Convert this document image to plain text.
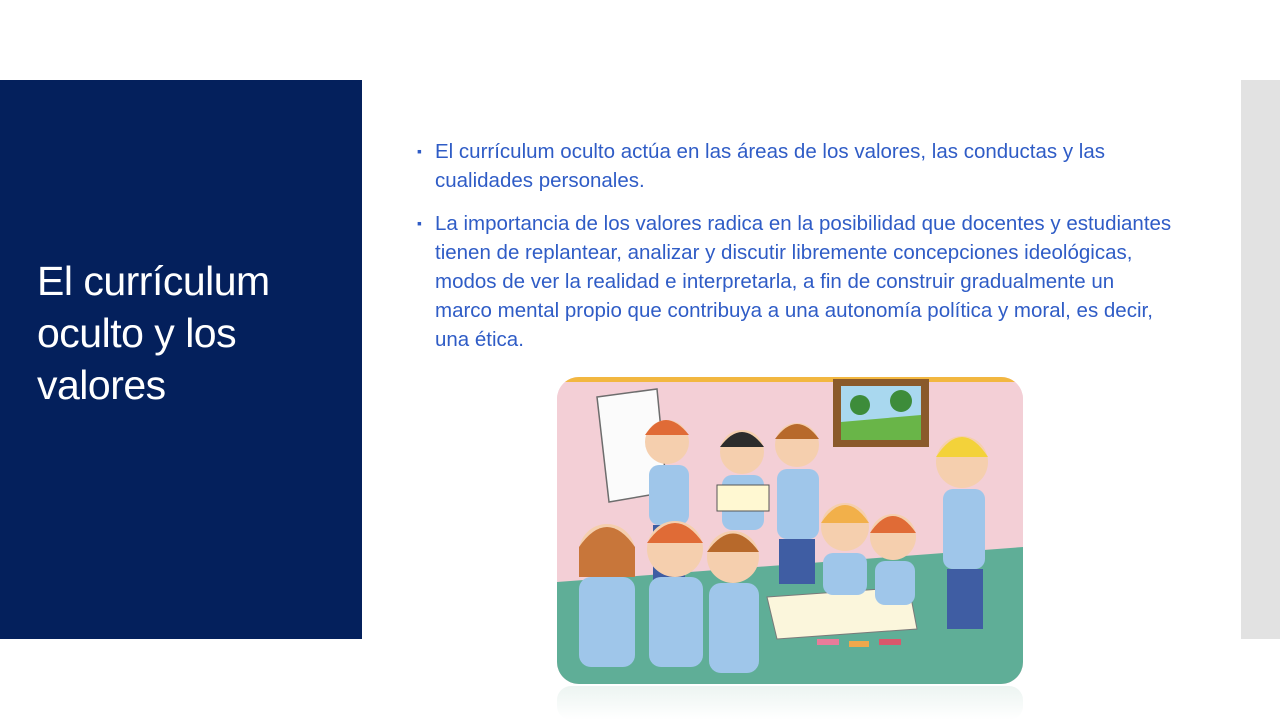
El currículum oculto y los valores
▪ El currículum oculto actúa en las áreas de los valores, las conductas y las cualidades personales.
▪ La importancia de los valores radica en la posibilidad que docentes y estudiantes tienen de replantear, analizar y discutir libremente concepciones ideológicas, modos de ver la realidad e interpretarla, a fin de construir gradualmente un marco mental propio que contribuya a una autonomía política y moral, es decir, una ética.
